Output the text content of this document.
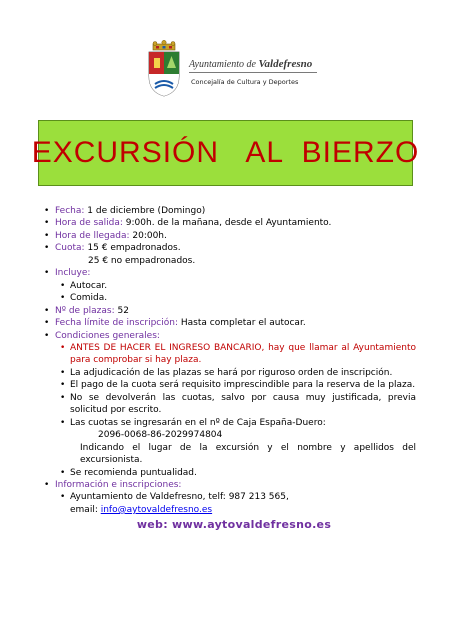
Ayuntamiento de Valdefresno
Concejalía de Cultura y Deportes
EXCURSIÓN   AL  BIERZO
• Fecha: 1 de diciembre (Domingo)
• Hora de salida: 9:00h. de la mañana, desde el Ayuntamiento.
• Hora de llegada: 20:00h.
• Cuota: 15 € empadronados.
25 € no empadronados.
• Incluye:
• Autocar.
• Comida.
• Nº de plazas: 52
• Fecha límite de inscripción: Hasta completar el autocar.
• Condiciones generales:
• ANTES DE HACER EL INGRESO BANCARIO, hay que llamar al Ayuntamiento para comprobar si hay plaza.
• La adjudicación de las plazas se hará por riguroso orden de inscripción.
• El pago de la cuota será requisito imprescindible para la reserva de la plaza.
• No se devolverán las cuotas, salvo por causa muy justificada, previa solicitud por escrito.
• Las cuotas se ingresarán en el nº de Caja España-Duero:
2096-0068-86-2029974804
Indicando el lugar de la excursión y el nombre y apellidos del excursionista.
• Se recomienda puntualidad.
• Información e inscripciones:
• Ayuntamiento de Valdefresno, telf: 987 213 565,
email: info@aytovaldefresno.es
web: www.aytovaldefresno.es
